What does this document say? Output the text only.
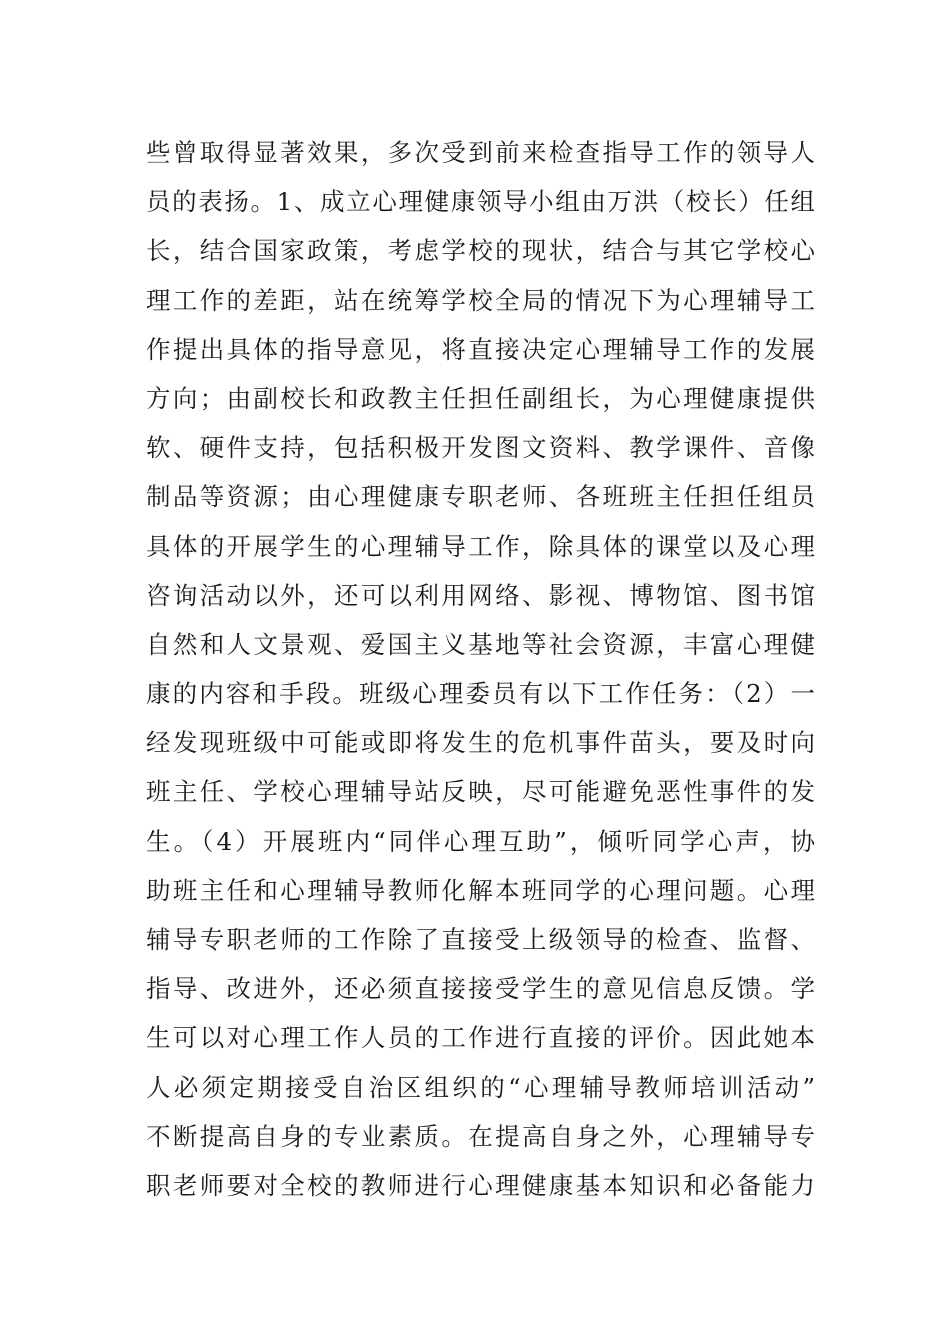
些曾取得显著效果，多次受到前来检查指导工作的领导人
员的表扬。1、成立心理健康领导小组由万洪（校长）任组
长，结合国家政策，考虑学校的现状，结合与其它学校心
理工作的差距，站在统筹学校全局的情况下为心理辅导工
作提出具体的指导意见，将直接决定心理辅导工作的发展
方向；由副校长和政教主任担任副组长，为心理健康提供
软、硬件支持，包括积极开发图文资料、教学课件、音像
制品等资源；由心理健康专职老师、各班班主任担任组员
具体的开展学生的心理辅导工作，除具体的课堂以及心理
咨询活动以外，还可以利用网络、影视、博物馆、图书馆
自然和人文景观、爱国主义基地等社会资源，丰富心理健
康的内容和手段。班级心理委员有以下工作任务：（2）一
经发现班级中可能或即将发生的危机事件苗头，要及时向
班主任、学校心理辅导站反映，尽可能避免恶性事件的发
生。（4）开展班内“同伴心理互助”，倾听同学心声，协
助班主任和心理辅导教师化解本班同学的心理问题。心理
辅导专职老师的工作除了直接受上级领导的检查、监督、
指导、改进外，还必须直接接受学生的意见信息反馈。学
生可以对心理工作人员的工作进行直接的评价。因此她本
人必须定期接受自治区组织的“心理辅导教师培训活动”
不断提高自身的专业素质。在提高自身之外，心理辅导专
职老师要对全校的教师进行心理健康基本知识和必备能力
